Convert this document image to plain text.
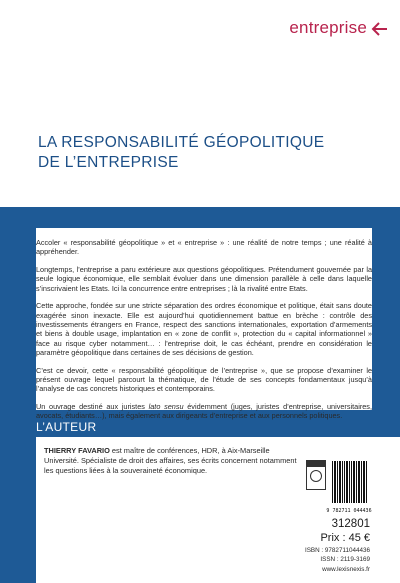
entreprise
LA RESPONSABILITÉ GÉOPOLITIQUE
DE L’ENTREPRISE

Accoler « responsabilité géopolitique » et « entreprise » : une réalité de notre temps ; une réalité à appréhender.

Longtemps, l’entreprise a paru extérieure aux questions géopolitiques. Prétendument gouvernée par la seule logique économique, elle semblait évoluer dans une dimension parallèle à celle dans laquelle s’inscrivaient les Etats. Ici la concurrence entre entreprises ; là la rivalité entre Etats.

Cette approche, fondée sur une stricte séparation des ordres économique et politique, était sans doute exagérée sinon inexacte. Elle est aujourd’hui quotidiennement battue en brèche : contrôle des investissements étrangers en France, respect des sanctions internationales, exportation d’armements et biens à double usage, implantation en « zone de conflit », protection du « capital informationnel » face au risque cyber notamment… : l’entreprise doit, le cas échéant, prendre en considération le paramètre géopolitique dans certaines de ses décisions de gestion.

C’est ce devoir, cette « responsabilité géopolitique de l’entreprise », que se propose d’examiner le présent ouvrage lequel parcourt la thématique, de l’étude de ses concepts fondamentaux jusqu’à l’analyse de cas concrets historiques et contemporains.

Un ouvrage destiné aux juristes lato sensu évidemment (juges, juristes d’entreprise, universitaires, avocats, étudiants…), mais également aux dirigeants d’entreprise et aux personnels politiques.

L’AUTEUR
THIERRY FAVARIO est maître de conférences, HDR, à Aix-Marseille Université. Spécialiste de droit des affaires, ses écrits concernent notamment les questions liées à la souveraineté économique.
9 782711 044436
312801
Prix : 45 €
ISBN : 9782711044436
ISSN : 2119-3169
www.lexisnexis.fr
